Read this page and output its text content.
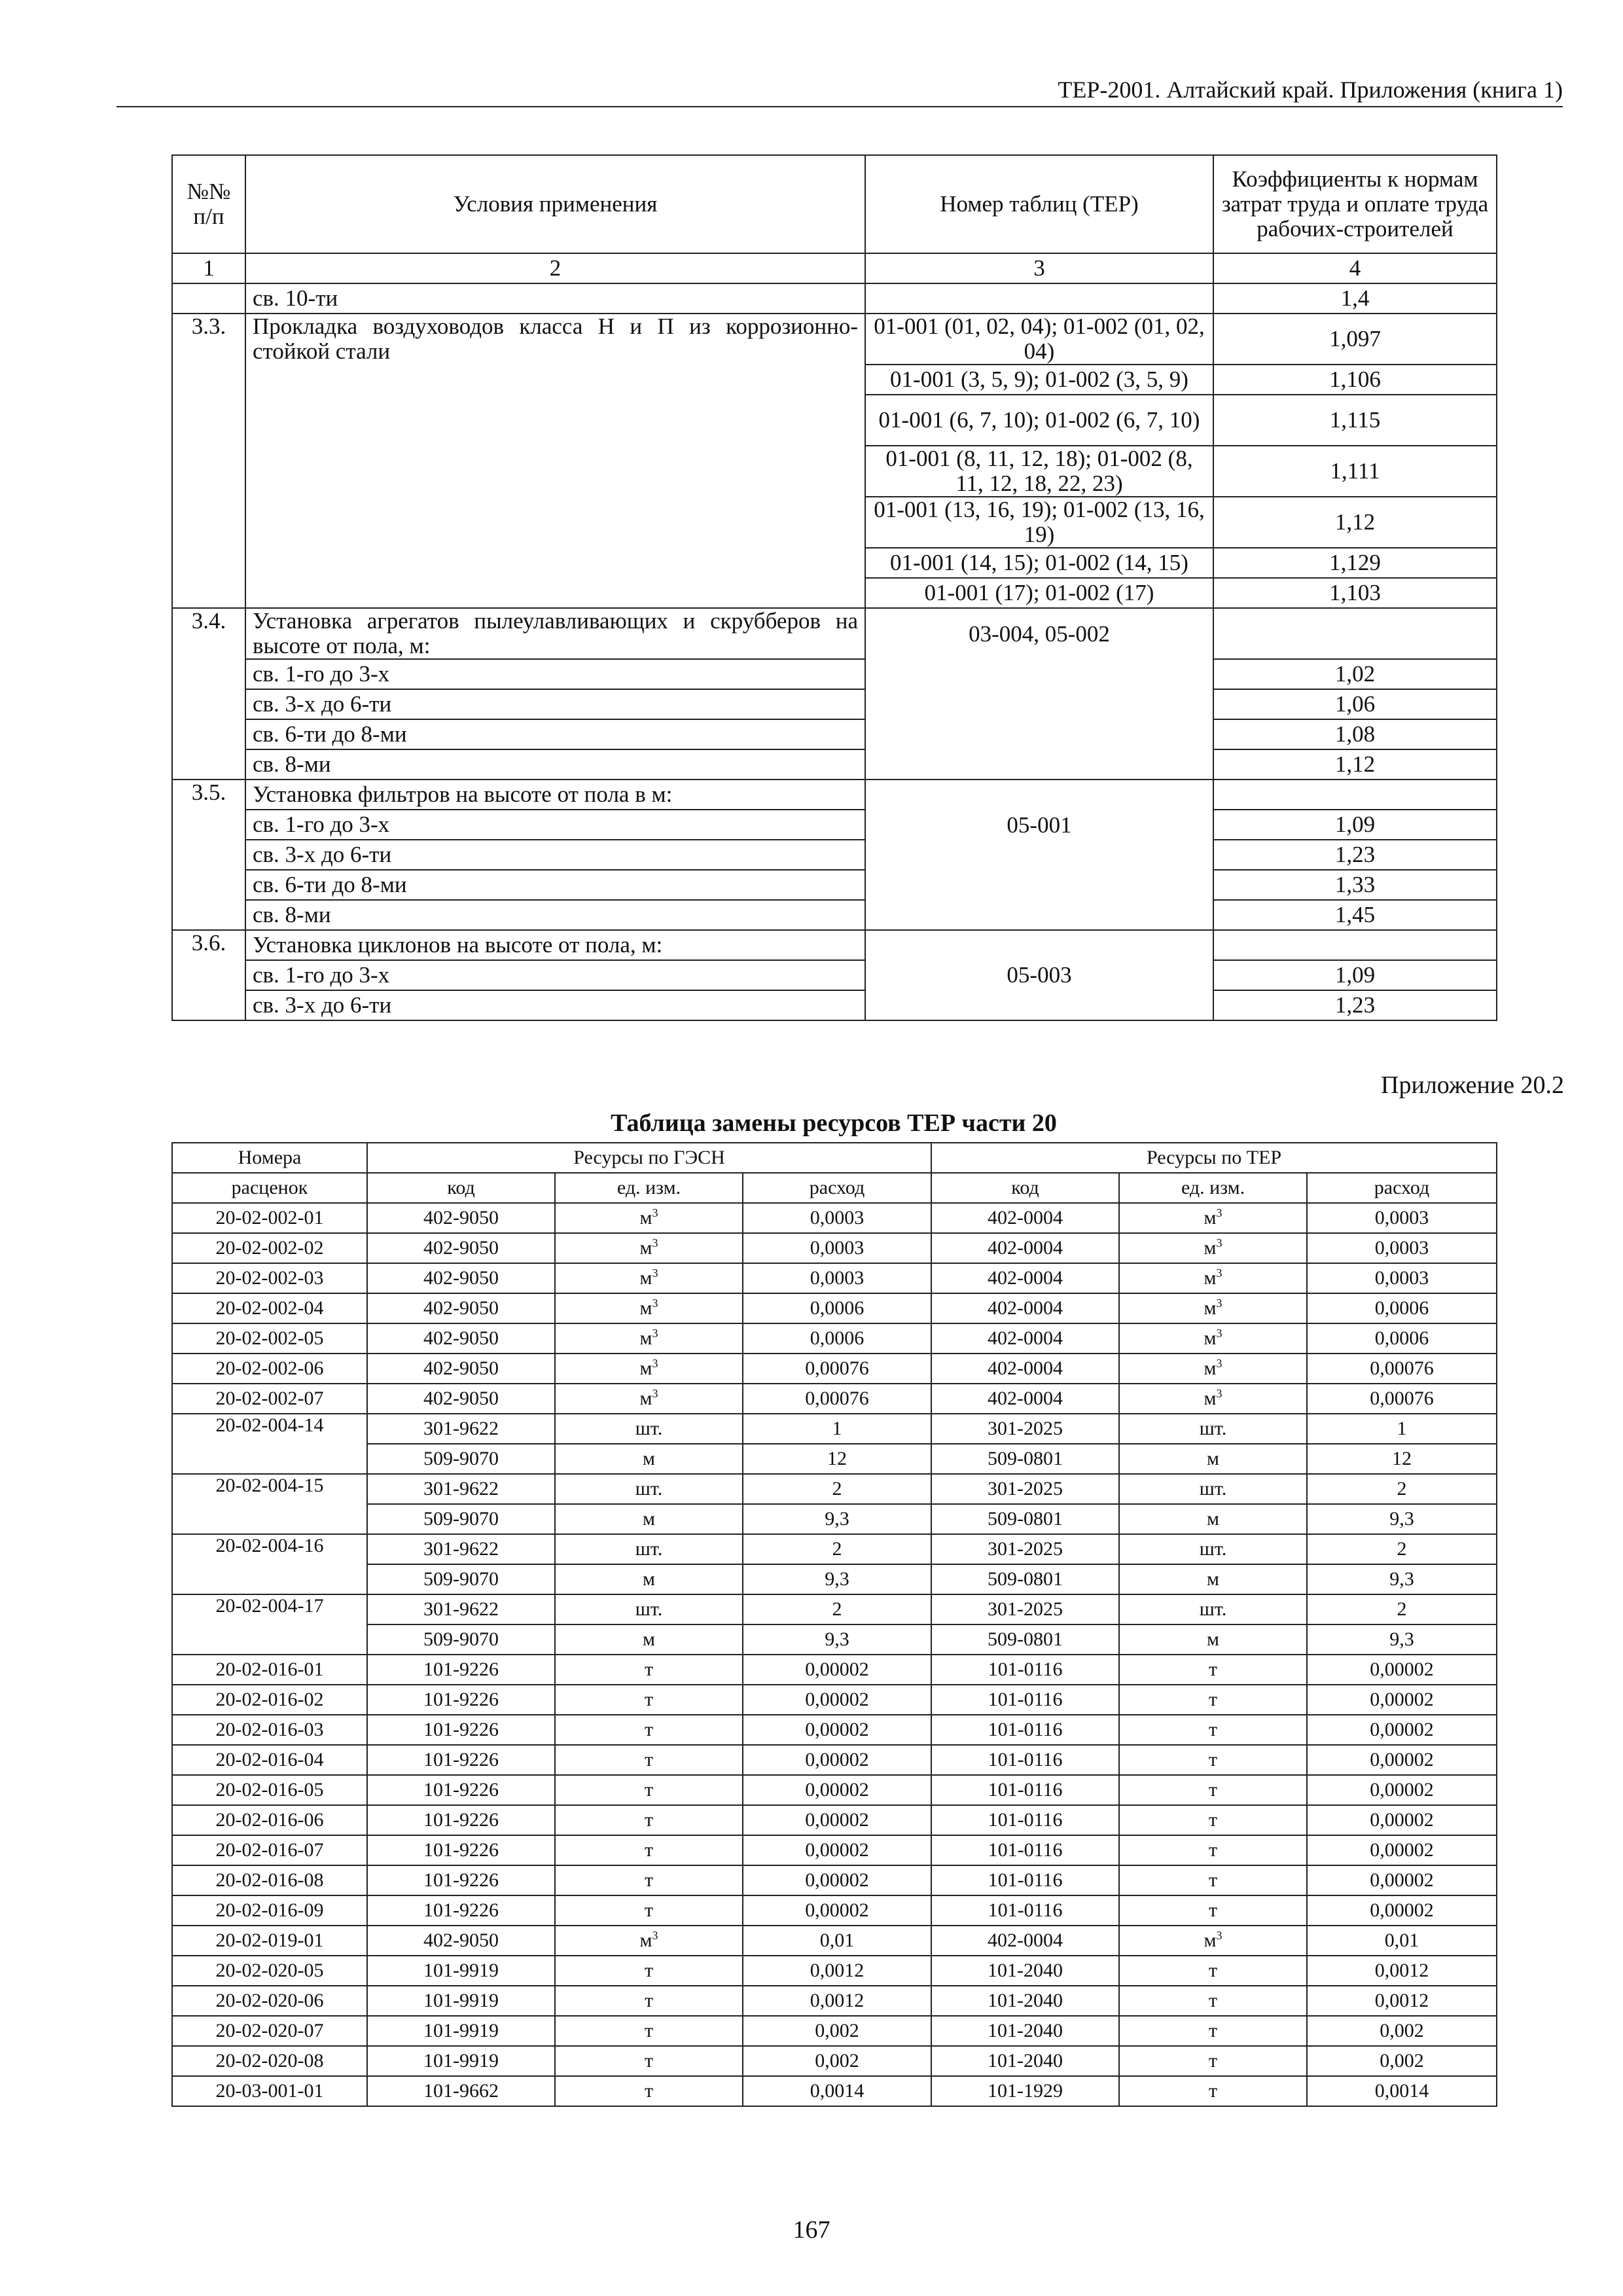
ТЕР-2001. Алтайский край. Приложения (книга 1)
№№ п/п	Условия применения	Номер таблиц (ТЕР)	Коэффициенты к нормам затрат труда и оплате труда рабочих-строителей
1	2	3	4
	св. 10-ти		1,4
3.3.	Прокладка воздуховодов класса Н и П из коррозионно-стойкой стали	01-001 (01, 02, 04); 01-002 (01, 02, 04)	1,097
		01-001 (3, 5, 9); 01-002 (3, 5, 9)	1,106
		01-001 (6, 7, 10); 01-002 (6, 7, 10)	1,115
		01-001 (8, 11, 12, 18); 01-002 (8, 11, 12, 18, 22, 23)	1,111
		01-001 (13, 16, 19); 01-002 (13, 16, 19)	1,12
		01-001 (14, 15); 01-002 (14, 15)	1,129
		01-001 (17); 01-002 (17)	1,103
3.4.	Установка агрегатов пылеулавливающих и скрубберов на высоте от пола, м:	03-004, 05-002	
	св. 1-го до 3-х		1,02
	св. 3-х до 6-ти		1,06
	св. 6-ти до 8-ми		1,08
	св. 8-ми		1,12
3.5.	Установка фильтров на высоте от пола в м:	05-001	
	св. 1-го до 3-х		1,09
	св. 3-х до 6-ти		1,23
	св. 6-ти до 8-ми		1,33
	св. 8-ми		1,45
3.6.	Установка циклонов на высоте от пола, м:	05-003	
	св. 1-го до 3-х		1,09
	св. 3-х до 6-ти		1,23
Приложение 20.2
Таблица замены ресурсов ТЕР части 20
Номера	Ресурсы по ГЭСН			Ресурсы по ТЕР		
расценок	код	ед. изм.	расход	код	ед. изм.	расход
20-02-002-01	402-9050	$м^3$	0,0003	402-0004	$м^3$	0,0003
20-02-002-02	402-9050	$м^3$	0,0003	402-0004	$м^3$	0,0003
20-02-002-03	402-9050	$м^3$	0,0003	402-0004	$м^3$	0,0003
20-02-002-04	402-9050	$м^3$	0,0006	402-0004	$м^3$	0,0006
20-02-002-05	402-9050	$м^3$	0,0006	402-0004	$м^3$	0,0006
20-02-002-06	402-9050	$м^3$	0,00076	402-0004	$м^3$	0,00076
20-02-002-07	402-9050	$м^3$	0,00076	402-0004	$м^3$	0,00076
20-02-004-14	301-9622	шт.	1	301-2025	шт.	1
	509-9070	м	12	509-0801	м	12
20-02-004-15	301-9622	шт.	2	301-2025	шт.	2
	509-9070	м	9,3	509-0801	м	9,3
20-02-004-16	301-9622	шт.	2	301-2025	шт.	2
	509-9070	м	9,3	509-0801	м	9,3
20-02-004-17	301-9622	шт.	2	301-2025	шт.	2
	509-9070	м	9,3	509-0801	м	9,3
20-02-016-01	101-9226	т	0,00002	101-0116	т	0,00002
20-02-016-02	101-9226	т	0,00002	101-0116	т	0,00002
20-02-016-03	101-9226	т	0,00002	101-0116	т	0,00002
20-02-016-04	101-9226	т	0,00002	101-0116	т	0,00002
20-02-016-05	101-9226	т	0,00002	101-0116	т	0,00002
20-02-016-06	101-9226	т	0,00002	101-0116	т	0,00002
20-02-016-07	101-9226	т	0,00002	101-0116	т	0,00002
20-02-016-08	101-9226	т	0,00002	101-0116	т	0,00002
20-02-016-09	101-9226	т	0,00002	101-0116	т	0,00002
20-02-019-01	402-9050	$м^3$	0,01	402-0004	$м^3$	0,01
20-02-020-05	101-9919	т	0,0012	101-2040	т	0,0012
20-02-020-06	101-9919	т	0,0012	101-2040	т	0,0012
20-02-020-07	101-9919	т	0,002	101-2040	т	0,002
20-02-020-08	101-9919	т	0,002	101-2040	т	0,002
20-03-001-01	101-9662	т	0,0014	101-1929	т	0,0014
167
